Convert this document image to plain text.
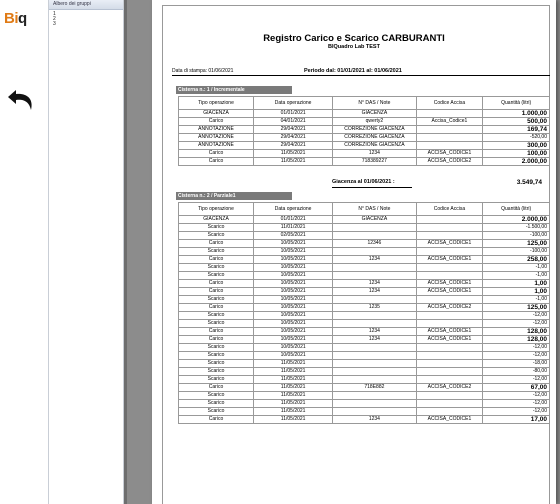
Biq
Albero dei gruppi
1
2
3
Registro Carico e Scarico CARBURANTI
BIQuadro Lab TEST
Data di stampa: 01/06/2021	Periodo dal: 01/01/2021 al: 01/06/2021
Cisterna n.: 1 / Incrementale
Tipo operazione	Data operazione	N° DAS / Note	Codice Accisa	Quantità (litri)
GIACENZA	01/01/2021	GIACENZA		1.000,00
Carico	04/01/2021	qwerty2	Accisa_Codice1	500,00
ANNOTAZIONE	29/04/2021	CORREZIONE GIACENZA		169,74
ANNOTAZIONE	29/04/2021	CORREZIONE GIACENZA		-520,00
ANNOTAZIONE	29/04/2021	CORREZIONE GIACENZA		300,00
Carico	11/05/2021	1234	ACCISA_CODICE1	100,00
Carico	11/05/2021	718389227	ACCISA_CODICE2	2.000,00
Giacenza al 01/06/2021 :	3.549,74
Cisterna n.: 2 / Parziale1
Tipo operazione	Data operazione	N° DAS / Note	Codice Accisa	Quantità (litri)
GIACENZA	01/01/2021	GIACENZA		2.000,00
Scarico	11/01/2021			-1.500,00
Scarico	02/05/2021			-100,00
Carico	10/05/2021	12346	ACCISA_CODICE1	125,00
Scarico	10/05/2021			-100,00
Carico	10/05/2021	1234	ACCISA_CODICE1	258,00
Scarico	10/05/2021			-1,00
Scarico	10/05/2021			-1,00
Carico	10/05/2021	1234	ACCISA_CODICE1	1,00
Carico	10/05/2021	1234	ACCISA_CODICE1	1,00
Scarico	10/05/2021			-1,00
Carico	10/05/2021	1235	ACCISA_CODICE2	125,00
Scarico	10/05/2021			-12,00
Scarico	10/05/2021			-12,00
Carico	10/05/2021	1234	ACCISA_CODICE1	128,00
Carico	10/05/2021	1234	ACCISA_CODICE1	128,00
Scarico	10/05/2021			-12,00
Scarico	10/05/2021			-12,00
Scarico	11/05/2021			-18,00
Scarico	11/05/2021			-80,00
Scarico	11/05/2021			-12,00
Carico	11/05/2021	718E882	ACCISA_CODICE2	67,00
Scarico	11/05/2021			-12,00
Scarico	11/05/2021			-12,00
Scarico	11/05/2021			-12,00
Carico	11/05/2021	1234	ACCISA_CODICE1	17,00
